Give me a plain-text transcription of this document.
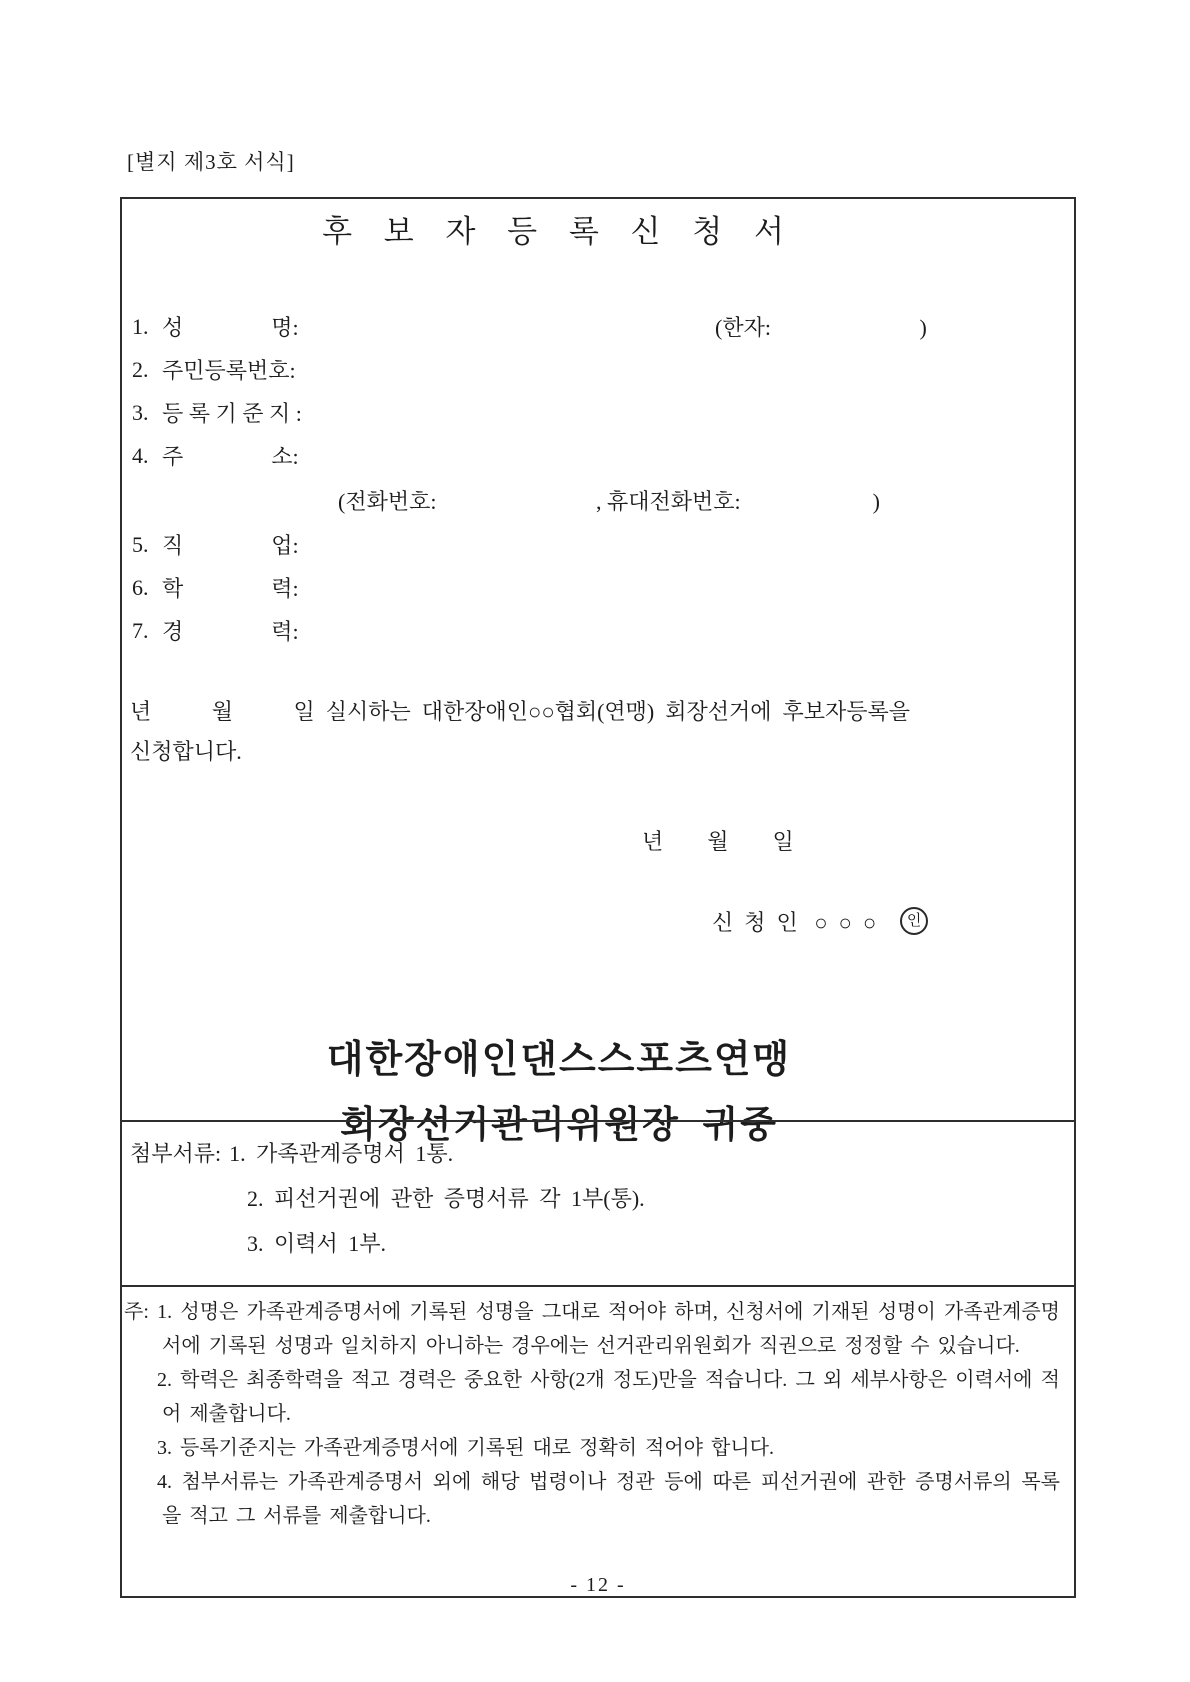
[별지 제3호 서식]
후 보 자 등 록 신 청 서
1. 성                명:	(한자:                           )
2. 주민등록번호:
3. 등 록 기 준 지 :
4. 주                소:
(전화번호:                             , 휴대전화번호:                        )
5. 직                업:
6. 학                력:
7. 경                력:
년           월           일  실시하는  대한장애인○○협회(연맹)  회장선거에  후보자등록을
신청합니다.
년        월        일
신  청  인   ○  ○  ○	인
대한장애인댄스스포츠연맹
회장선거관리위원장  귀중
첨부서류: 1. 가족관계증명서 1통.
2. 피선거권에 관한 증명서류 각 1부(통).
3. 이력서 1부.
주: 1. 성명은 가족관계증명서에 기록된 성명을 그대로 적어야 하며, 신청서에 기재된 성명이 가족관계증명서에 기록된 성명과 일치하지 아니하는 경우에는 선거관리위원회가 직권으로 정정할 수 있습니다.
2. 학력은 최종학력을 적고 경력은 중요한 사항(2개 정도)만을 적습니다. 그 외 세부사항은 이력서에 적어 제출합니다.
3. 등록기준지는 가족관계증명서에 기록된 대로 정확히 적어야 합니다.
4. 첨부서류는 가족관계증명서 외에 해당 법령이나 정관 등에 따른 피선거권에 관한 증명서류의 목록을 적고 그 서류를 제출합니다.
- 12 -
